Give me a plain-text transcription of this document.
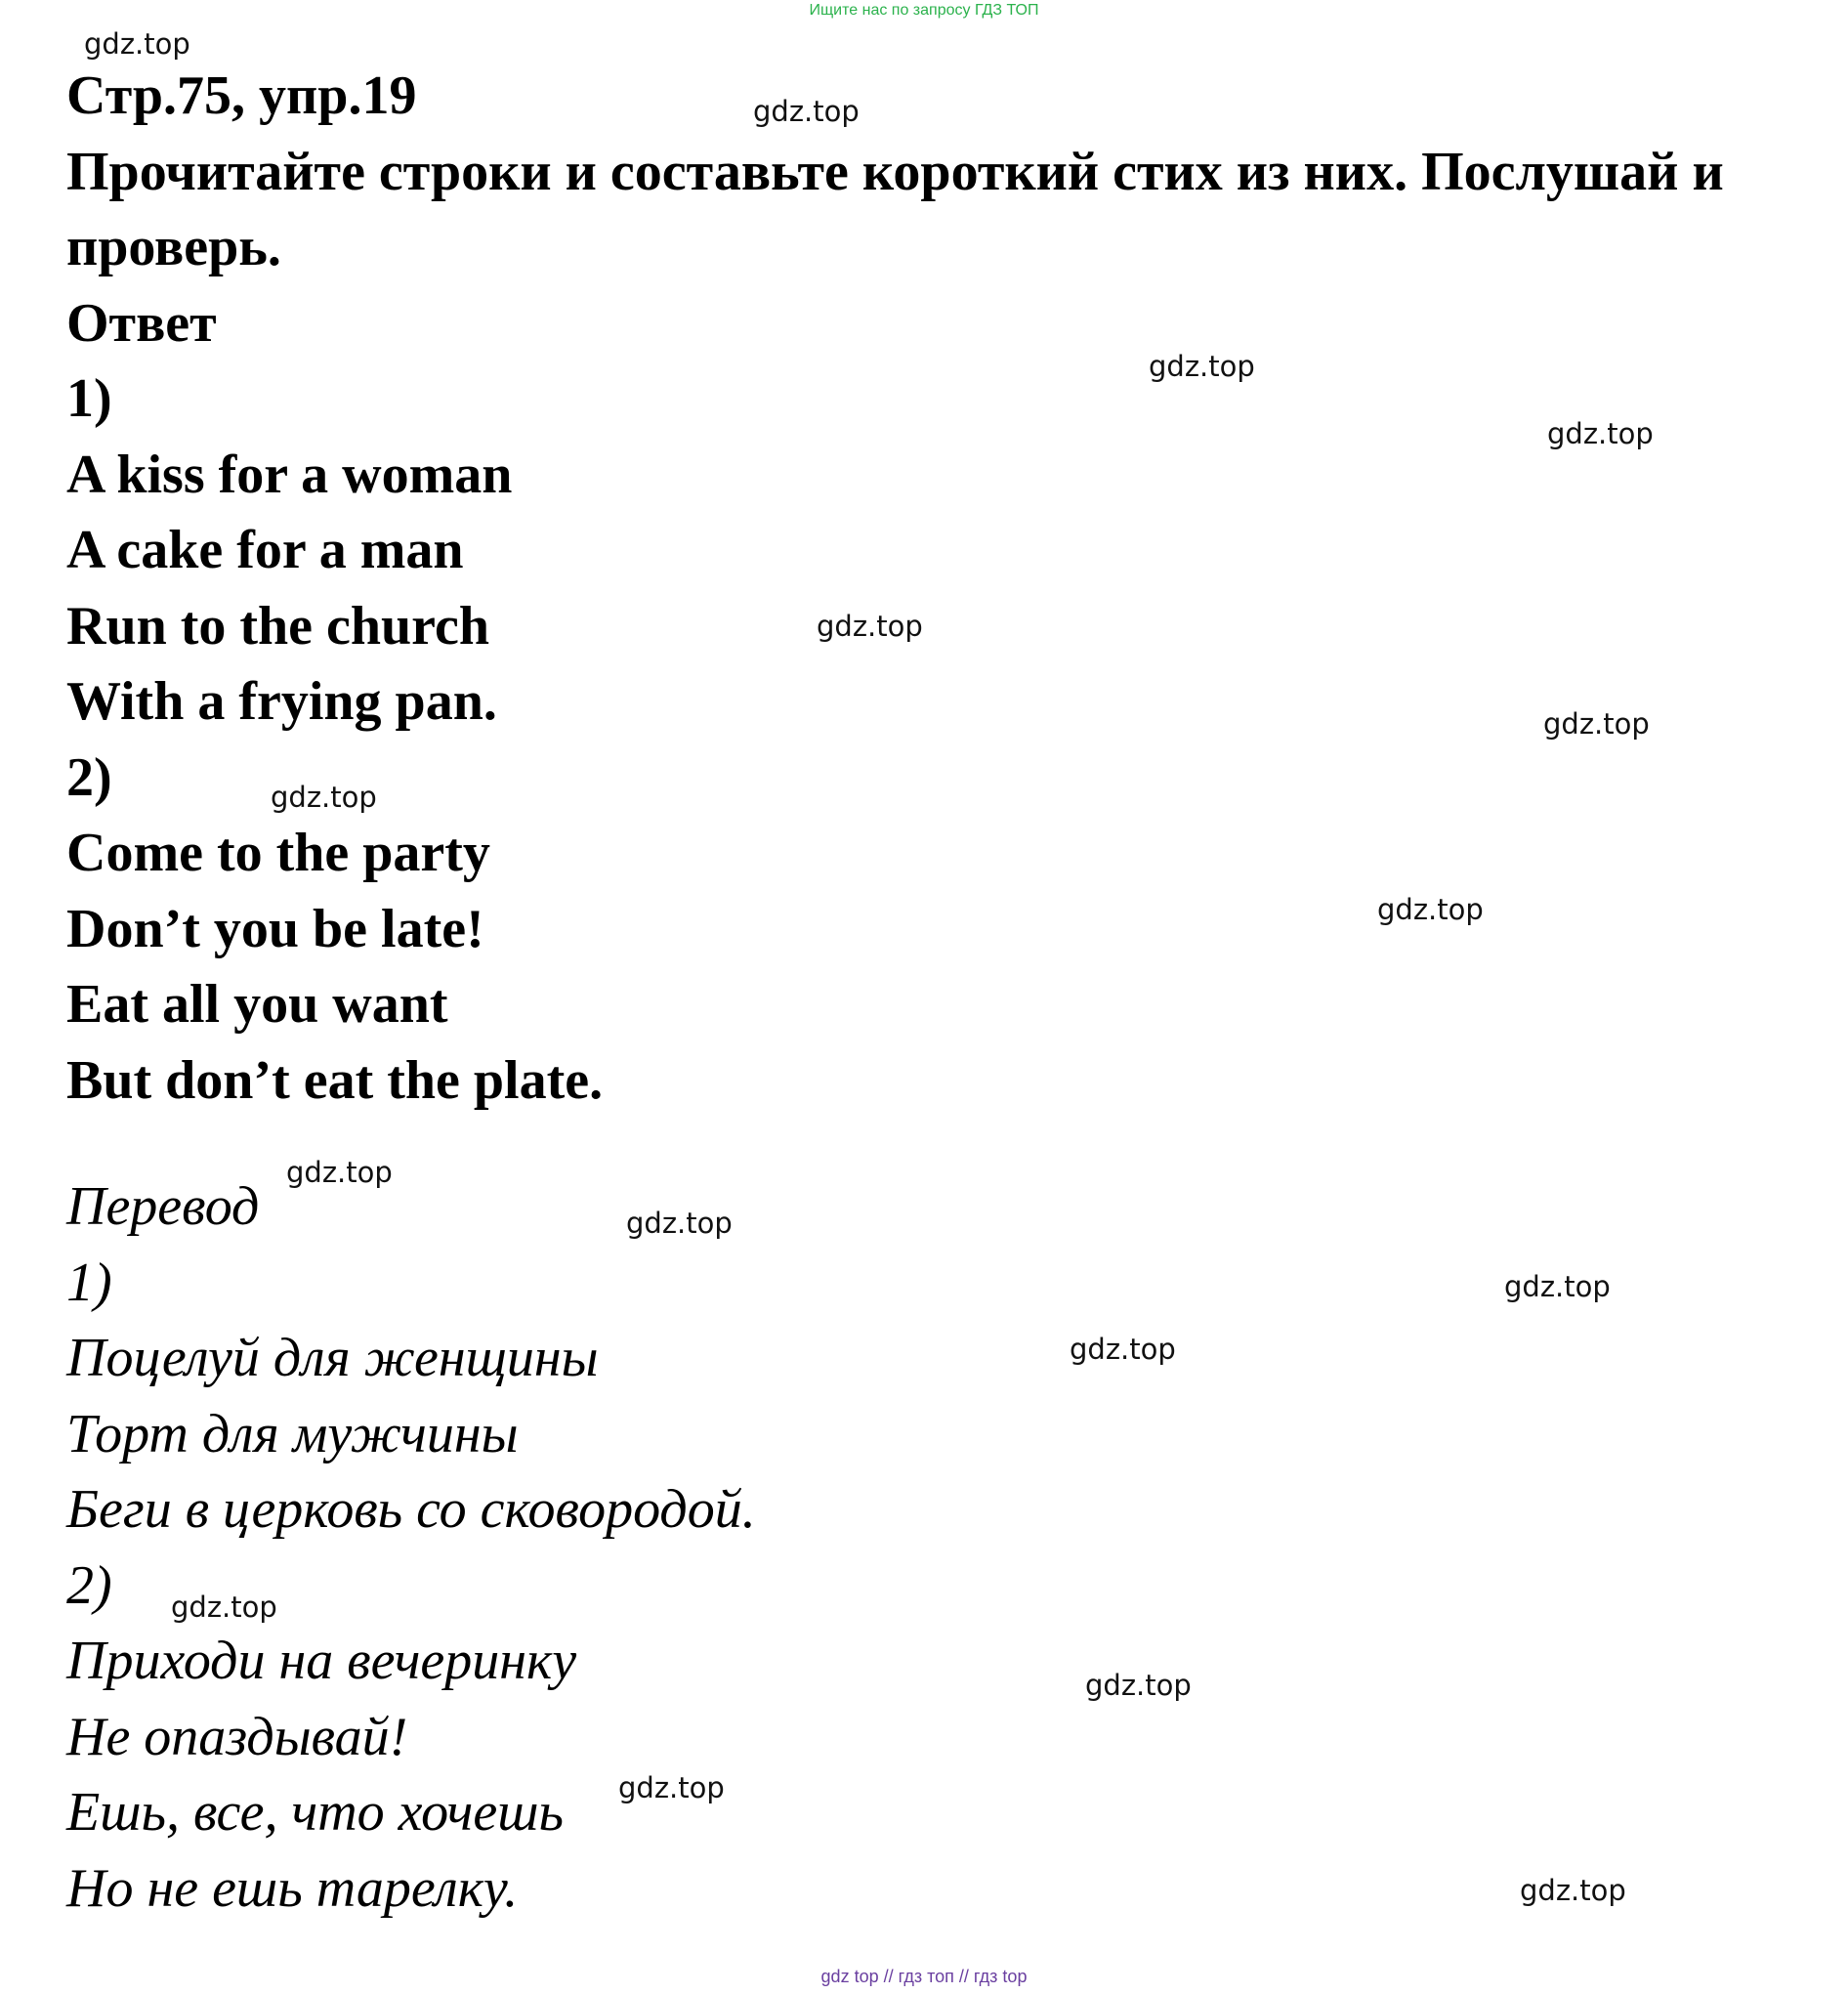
Ищите нас по запросу ГДЗ ТОП
gdz.top
gdz.top
gdz.top
gdz.top
gdz.top
gdz.top
gdz.top
gdz.top
gdz.top
gdz.top
gdz.top
gdz.top
gdz.top
gdz.top
gdz.top
gdz.top
Стр.75, упр.19
Прочитайте строки и составьте короткий стих из них. Послушай и проверь.
Ответ
1)
A kiss for a woman
A cake for a man
Run to the church
With a frying pan.
2)
Come to the party
Don’t you be late!
Eat all you want
But don’t eat the plate.
Перевод
1)
Поцелуй для женщины
Торт для мужчины
Беги в церковь со сковородой.
2)
Приходи на вечеринку
Не опаздывай!
Ешь, все, что хочешь
Но не ешь тарелку.
gdz top // гдз топ // гдз top
